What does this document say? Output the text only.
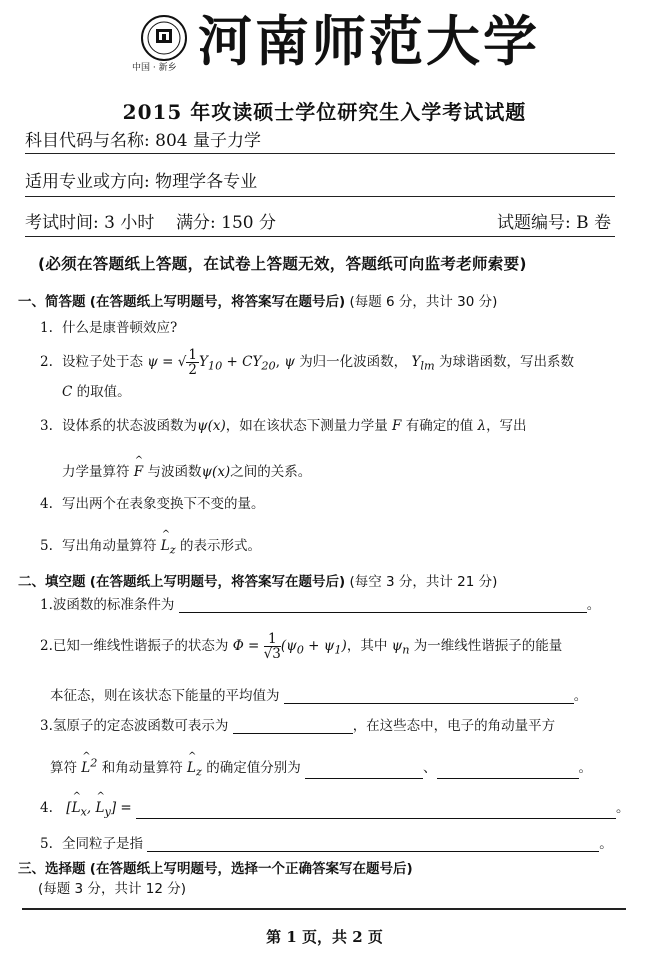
中国 · 新乡 河南师范大学
2015 年攻读硕士学位研究生入学考试试题
科目代码与名称: 804 量子力学
适用专业或方向: 物理学各专业
考试时间: 3 小时 满分: 150 分	试题编号: B 卷
(必须在答题纸上答题，在试卷上答题无效，答题纸可向监考老师索要)
一、简答题 (在答题纸上写明题号，将答案写在题号后) (每题 6 分，共计 30 分)
1. 什么是康普顿效应?
2. 设粒子处于态 ψ = √ $\frac{1}{2} Y_{10} + CY_{20}$, ψ 为归一化波函数， $Y_{lm}$ 为球谐函数，写出系数
C 的取值。
3. 设体系的状态波函数为ψ(x)，如在该状态下测量力学量 F 有确定的值 λ，写出
力学量算符 ^ F 与波函数ψ(x)之间的关系。
4. 写出两个在表象变换下不变的量。
5. 写出角动量算符 ^ $L_z$ 的表示形式。
二、填空题 (在答题纸上写明题号，将答案写在题号后) (每空 3 分，共计 21 分)
1.波函数的标准条件为	。
2.已知一维线性谐振子的状态为 $\Phi = \frac{1}{√3} (\psi_0 + \psi_1)$，其中 $\psi_n$ 为一维线性谐振子的能量
本征态，则在该状态下能量的平均值为	。
3.氢原子的定态波函数可表示为	，在这些态中，电子的角动量平方
算符 ^ $L^2$ 和角动量算符 ^ $L_z$ 的确定值分别为	、	。
4. [^ $L_x$, ^ $L_y$] =	。
5. 全同粒子是指	。
三、选择题 (在答题纸上写明题号，选择一个正确答案写在题号后)
(每题 3 分，共计 12 分)
第 1 页，共 2 页
